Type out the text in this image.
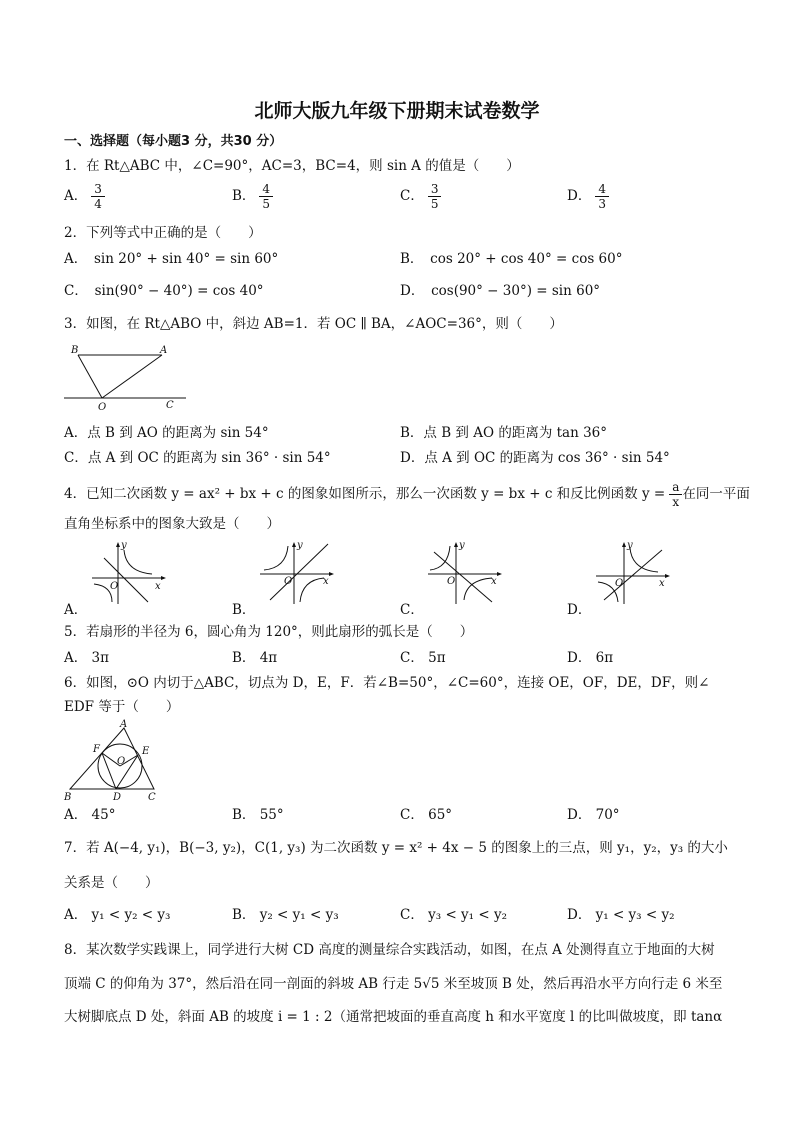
北师大版九年级下册期末试卷数学
一、选择题（每小题3 分，共30 分）
1．在 Rt△ABC 中，∠C=90°，AC=3，BC=4，则 sin A 的值是（　　）
A． $\frac{3}{4}$	B． $\frac{4}{5}$	C． $\frac{3}{5}$	D． $\frac{4}{3}$
2．下列等式中正确的是（　　）
A．　sin 20° + sin 40° = sin 60°	B．　cos 20° + cos 40° = cos 60°
C．　sin(90° − 40°) = cos 40°	D．　cos(90° − 30°) = sin 60°
3．如图，在 Rt△ABO 中，斜边 AB=1．若 OC ∥ BA，∠AOC=36°，则（　　）
B	A
O	C
A．点 B 到 AO 的距离为 sin 54°	B．点 B 到 AO 的距离为 tan 36°
C．点 A 到 OC 的距离为 sin 36° · sin 54°	D．点 A 到 OC 的距离为 cos 36° · sin 54°
4．已知二次函数 y = ax² + bx + c 的图象如图所示，那么一次函数 y = bx + c 和反比例函数 $y = \frac{a}{x}$ 在同一平面
直角坐标系中的图象大致是（　　）
y
x
O
y
x
O
y
x
O
y
x
O
A．	B．	C．	D．
5．若扇形的半径为 6，圆心角为 120°，则此扇形的弧长是（　　）
A． 3π	B． 4π	C． 5π	D． 6π
6．如图，⊙O 内切于△ABC，切点为 D，E，F．若∠B=50°，∠C=60°，连接 OE，OF，DE，DF，则∠
EDF 等于（　　）
A
B	C
D
E
F
O
A． 45°	B． 55°	C． 65°	D． 70°
7．若 A(−4, y₁)，B(−3, y₂)，C(1, y₃) 为二次函数 y = x² + 4x − 5 的图象上的三点，则 y₁，y₂，y₃ 的大小
关系是（　　）
A． y₁ < y₂ < y₃	B． y₂ < y₁ < y₃	C． y₃ < y₁ < y₂	D． y₁ < y₃ < y₂
8．某次数学实践课上，同学进行大树 CD 高度的测量综合实践活动，如图，在点 A 处测得直立于地面的大树
顶端 C 的仰角为 37°，然后沿在同一剖面的斜坡 AB 行走 5√5 米至坡顶 B 处，然后再沿水平方向行走 6 米至
大树脚底点 D 处，斜面 AB 的坡度 i = 1 : 2（通常把坡面的垂直高度 h 和水平宽度 l 的比叫做坡度，即 tanα
